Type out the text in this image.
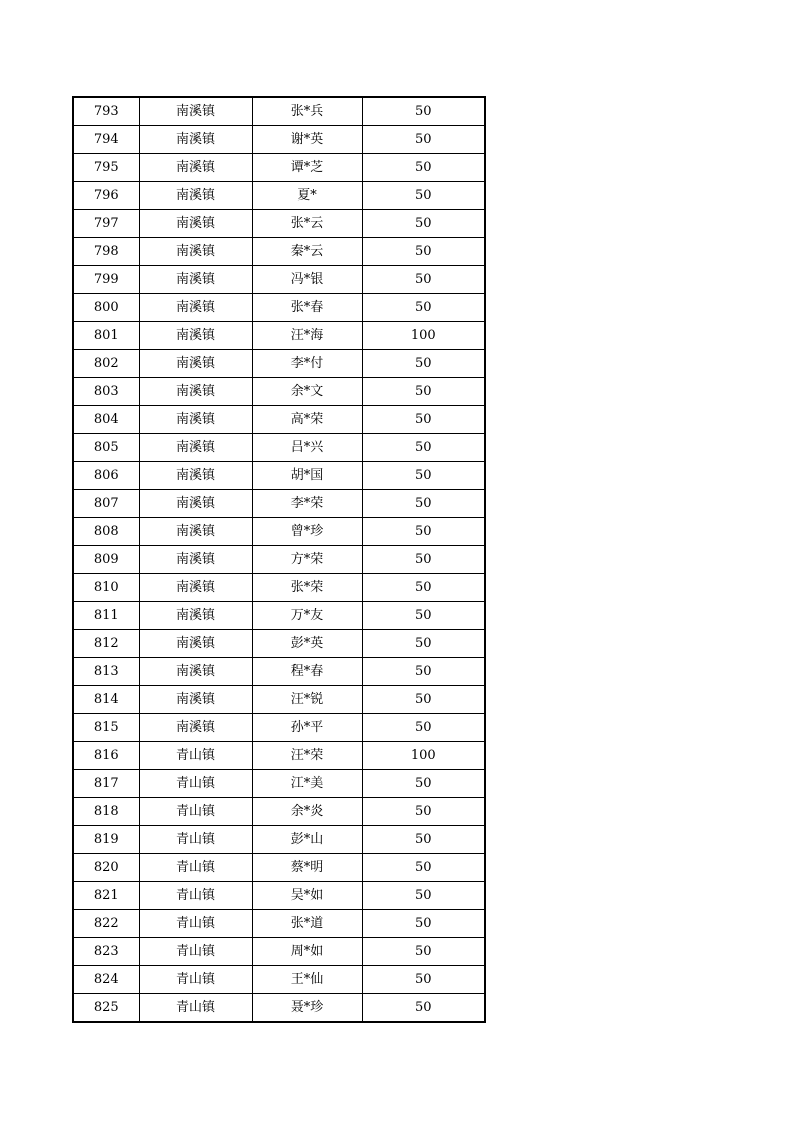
793	南溪镇	张*兵	50
794	南溪镇	谢*英	50
795	南溪镇	谭*芝	50
796	南溪镇	夏*	50
797	南溪镇	张*云	50
798	南溪镇	秦*云	50
799	南溪镇	冯*银	50
800	南溪镇	张*春	50
801	南溪镇	汪*海	100
802	南溪镇	李*付	50
803	南溪镇	余*文	50
804	南溪镇	高*荣	50
805	南溪镇	吕*兴	50
806	南溪镇	胡*国	50
807	南溪镇	李*荣	50
808	南溪镇	曾*珍	50
809	南溪镇	方*荣	50
810	南溪镇	张*荣	50
811	南溪镇	万*友	50
812	南溪镇	彭*英	50
813	南溪镇	程*春	50
814	南溪镇	汪*锐	50
815	南溪镇	孙*平	50
816	青山镇	汪*荣	100
817	青山镇	江*美	50
818	青山镇	余*炎	50
819	青山镇	彭*山	50
820	青山镇	蔡*明	50
821	青山镇	吴*如	50
822	青山镇	张*道	50
823	青山镇	周*如	50
824	青山镇	王*仙	50
825	青山镇	聂*珍	50
